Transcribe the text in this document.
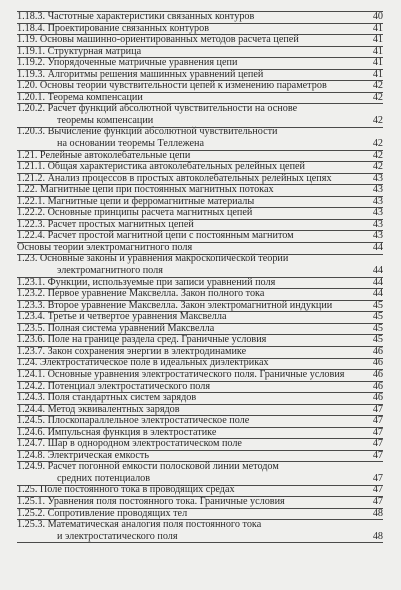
1.18.3. Частотные характеристики связанных контуров	40
1.18.4. Проектирование связанных контуров	41
1.19. Основы машинно-ориентированных методов расчета цепей	41
1.19.1. Структурная матрица	41
1.19.2. Упорядоченные матричные уравнения цепи	41
1.19.3. Алгоритмы решения машинных уравнений цепей	41
1.20. Основы теории чувствительности цепей к изменению параметров	42
1.20.1. Теорема компенсации	42
1.20.2. Расчет функций абсолютной чувствительности на основе
теоремы компенсации	42
1.20.3. Вычисление функций абсолютной чувствительности
на основании теоремы Теллежена	42
1.21. Релейные автоколебательные цепи	42
1.21.1. Общая характеристика автоколебательных релейных цепей	42
1.21.2. Анализ процессов в простых автоколебательных релейных цепях	43
1.22. Магнитные цепи при постоянных магнитных потоках	43
1.22.1. Магнитные цепи и ферромагнитные материалы	43
1.22.2. Основные принципы расчета магнитных цепей	43
1.22.3. Расчет простых магнитных цепей	43
1.22.4. Расчет простой магнитной цепи с постоянным магнитом	43
Основы теории электромагнитного поля	44
1.23. Основные законы и уравнения макроскопической теории
электромагнитного поля	44
1.23.1. Функции, используемые при записи уравнений поля	44
1.23.2. Первое уравнение Максвелла. Закон полного тока	44
1.23.3. Второе уравнение Максвелла. Закон электромагнитной индукции	45
1.23.4. Третье и четвертое уравнения Максвелла	45
1.23.5. Полная система уравнений Максвелла	45
1.23.6. Поле на границе раздела сред. Граничные условия	45
1.23.7. Закон сохранения энергии в электродинамике	46
1.24. Электростатическое поле в идеальных диэлектриках	46
1.24.1. Основные уравнения электростатического поля. Граничные условия	46
1.24.2. Потенциал электростатического поля	46
1.24.3. Поля стандартных систем зарядов	46
1.24.4. Метод эквивалентных зарядов	47
1.24.5. Плоскопараллельное электростатическое поле	47
1.24.6. Импульсная функция в электростатике	47
1.24.7. Шар в однородном электростатическом поле	47
1.24.8. Электрическая емкость	47
1.24.9. Расчет погонной емкости полосковой линии методом
средних потенциалов	47
1.25. Поле постоянного тока в проводящих средах	47
1.25.1. Уравнения поля постоянного тока. Граничные условия	47
1.25.2. Сопротивление проводящих тел	48
1.25.3. Математическая аналогия поля постоянного тока
и электростатического поля	48
